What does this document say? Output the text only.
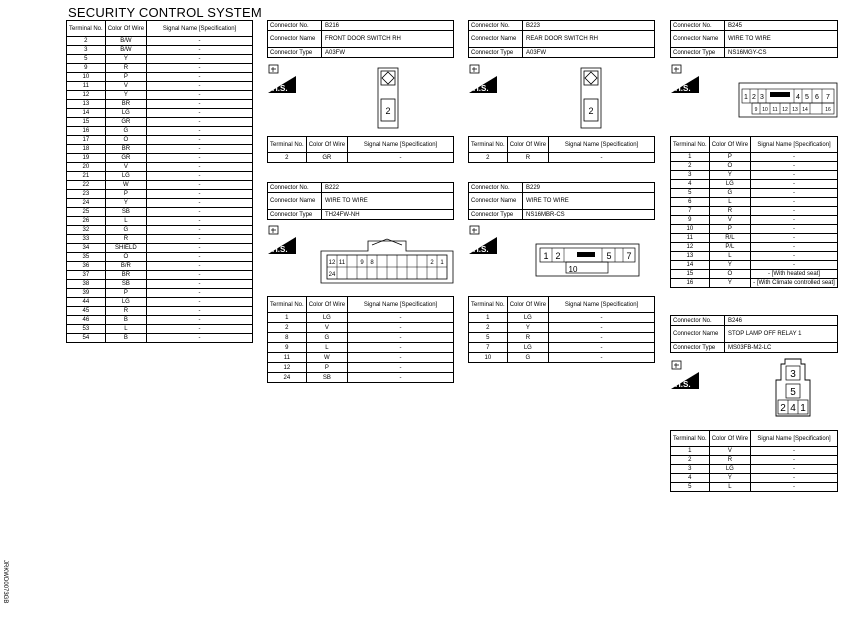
SECURITY CONTROL SYSTEM
JRKWD0073GB
Terminal No.	Color Of Wire	Signal Name [Specification]
2	B/W	-
3	B/W	-
5	Y	-
9	R	-
10	P	-
11	V	-
12	Y	-
13	BR	-
14	LG	-
15	GR	-
16	G	-
17	O	-
18	BR	-
19	GR	-
20	V	-
21	LG	-
22	W	-
23	P	-
24	Y	-
25	SB	-
26	L	-
32	G	-
33	R	-
34	SHIELD	-
35	O	-
36	B/R	-
37	BR	-
38	SB	-
39	P	-
44	LG	-
45	R	-
46	B	-
53	L	-
54	B	-
Connector No.	B216
Connector Name	FRONT DOOR SWITCH RH
Connector Type	A03FW
H.S.
2
Terminal No.	Color Of Wire	Signal Name [Specification]
2	GR	-
Connector No.	B223
Connector Name	REAR DOOR SWITCH RH
Connector Type	A03FW
H.S.
2
Terminal No.	Color Of Wire	Signal Name [Specification]
2	R	-
Connector No.	B222
Connector Name	WIRE TO WIRE
Connector Type	TH24FW-NH
H.S.
12 11	9 8	2 1
24
Terminal No.	Color Of Wire	Signal Name [Specification]
1	LG	-
2	V	-
8	G	-
9	L	-
11	W	-
12	P	-
24	SB	-
Connector No.	B229
Connector Name	WIRE TO WIRE
Connector Type	NS16MBR-CS
H.S.
1 2	5 7
10
Terminal No.	Color Of Wire	Signal Name [Specification]
1	LG	-
2	Y	-
5	R	-
7	LG	-
10	G	-
Connector No.	B245
Connector Name	WIRE TO WIRE
Connector Type	NS16MGY-CS
H.S.
1 2 3	4 5 6 7
9 10 11 12 13 14	16
Terminal No.	Color Of Wire	Signal Name [Specification]
1	P	-
2	O	-
3	Y	-
4	LG	-
5	G	-
6	L	-
7	R	-
9	V	-
10	P	-
11	R/L	-
12	P/L	-
13	L	-
14	Y	-
15	O	- [With heated seat]
16	Y	- [With Climate controlled seat]
Connector No.	B246
Connector Name	STOP LAMP OFF RELAY 1
Connector Type	MS03FB-M2-LC
H.S.
3
5
2 4 1
Terminal No.	Color Of Wire	Signal Name [Specification]
1	V	-
2	R	-
3	LG	-
4	Y	-
5	L	-
